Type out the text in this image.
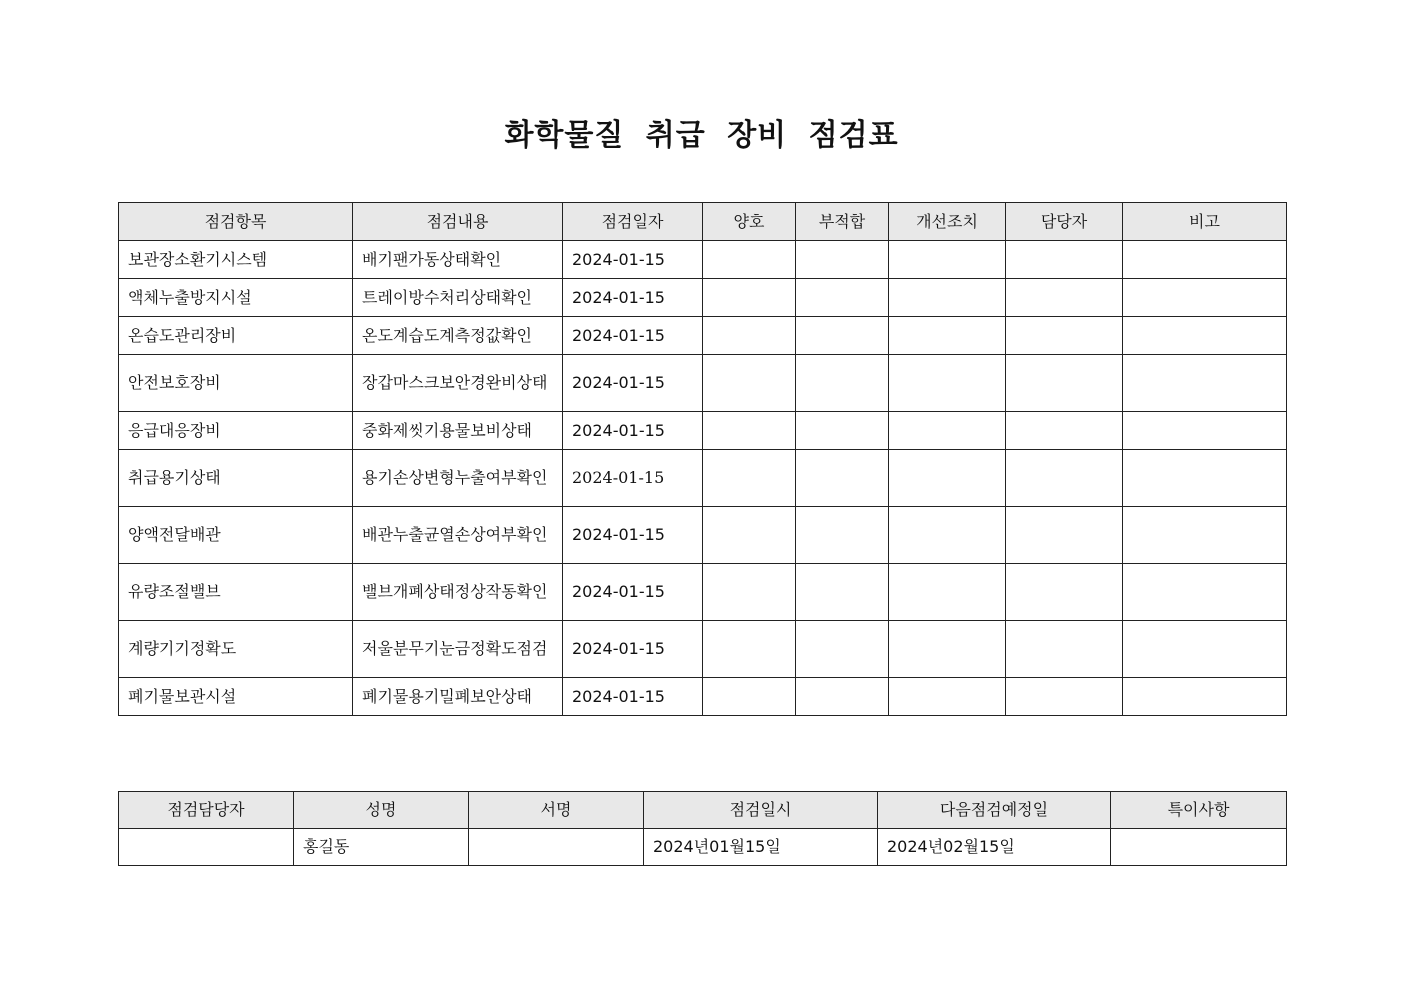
화학물질 취급 장비 점검표
점검항목	점검내용	점검일자	양호	부적합	개선조치	담당자	비고
보관장소환기시스템	배기팬가동상태확인	2024-01-15					
액체누출방지시설	트레이방수처리상태확인	2024-01-15					
온습도관리장비	온도계습도계측정값확인	2024-01-15					
안전보호장비	장갑마스크보안경완비상태	2024-01-15					
응급대응장비	중화제씻기용물보비상태	2024-01-15					
취급용기상태	용기손상변형누출여부확인	2024-01-15					
양액전달배관	배관누출균열손상여부확인	2024-01-15					
유량조절밸브	밸브개폐상태정상작동확인	2024-01-15					
계량기기정확도	저울분무기눈금정확도점검	2024-01-15					
폐기물보관시설	폐기물용기밀폐보안상태	2024-01-15					
점검담당자	성명	서명	점검일시	다음점검예정일	특이사항
	홍길동		2024년01월15일	2024년02월15일	
